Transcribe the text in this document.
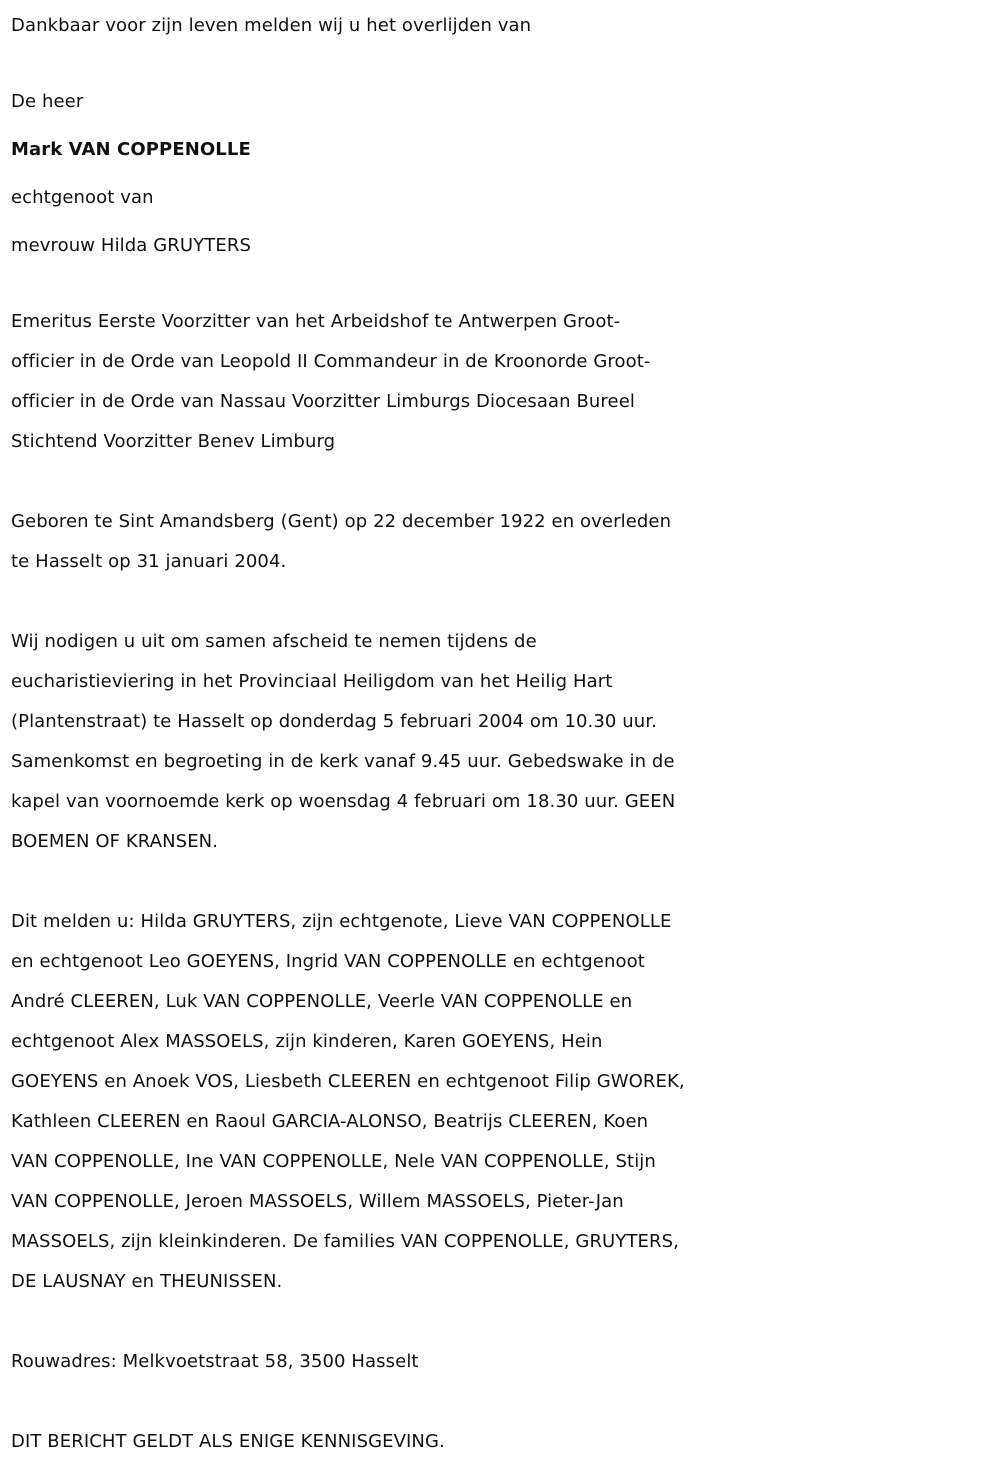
Dankbaar voor zijn leven melden wij u het overlijden van

De heer

Mark VAN COPPENOLLE

echtgenoot van

mevrouw Hilda GRUYTERS

Emeritus Eerste Voorzitter van het Arbeidshof te Antwerpen Groot-

officier in de Orde van Leopold II Commandeur in de Kroonorde Groot-

officier in de Orde van Nassau Voorzitter Limburgs Diocesaan Bureel

Stichtend Voorzitter Benev Limburg

Geboren te Sint Amandsberg (Gent) op 22 december 1922 en overleden

te Hasselt op 31 januari 2004.

Wij nodigen u uit om samen afscheid te nemen tijdens de

eucharistieviering in het Provinciaal Heiligdom van het Heilig Hart

(Plantenstraat) te Hasselt op donderdag 5 februari 2004 om 10.30 uur.

Samenkomst en begroeting in de kerk vanaf 9.45 uur. Gebedswake in de

kapel van voornoemde kerk op woensdag 4 februari om 18.30 uur. GEEN

BOEMEN OF KRANSEN.

Dit melden u: Hilda GRUYTERS, zijn echtgenote, Lieve VAN COPPENOLLE

en echtgenoot Leo GOEYENS, Ingrid VAN COPPENOLLE en echtgenoot

André CLEEREN, Luk VAN COPPENOLLE, Veerle VAN COPPENOLLE en

echtgenoot Alex MASSOELS, zijn kinderen, Karen GOEYENS, Hein

GOEYENS en Anoek VOS, Liesbeth CLEEREN en echtgenoot Filip GWOREK,

Kathleen CLEEREN en Raoul GARCIA-ALONSO, Beatrijs CLEEREN, Koen

VAN COPPENOLLE, Ine VAN COPPENOLLE, Nele VAN COPPENOLLE, Stijn

VAN COPPENOLLE, Jeroen MASSOELS, Willem MASSOELS, Pieter-Jan

MASSOELS, zijn kleinkinderen. De families VAN COPPENOLLE, GRUYTERS,

DE LAUSNAY en THEUNISSEN.

Rouwadres: Melkvoetstraat 58, 3500 Hasselt

DIT BERICHT GELDT ALS ENIGE KENNISGEVING.
